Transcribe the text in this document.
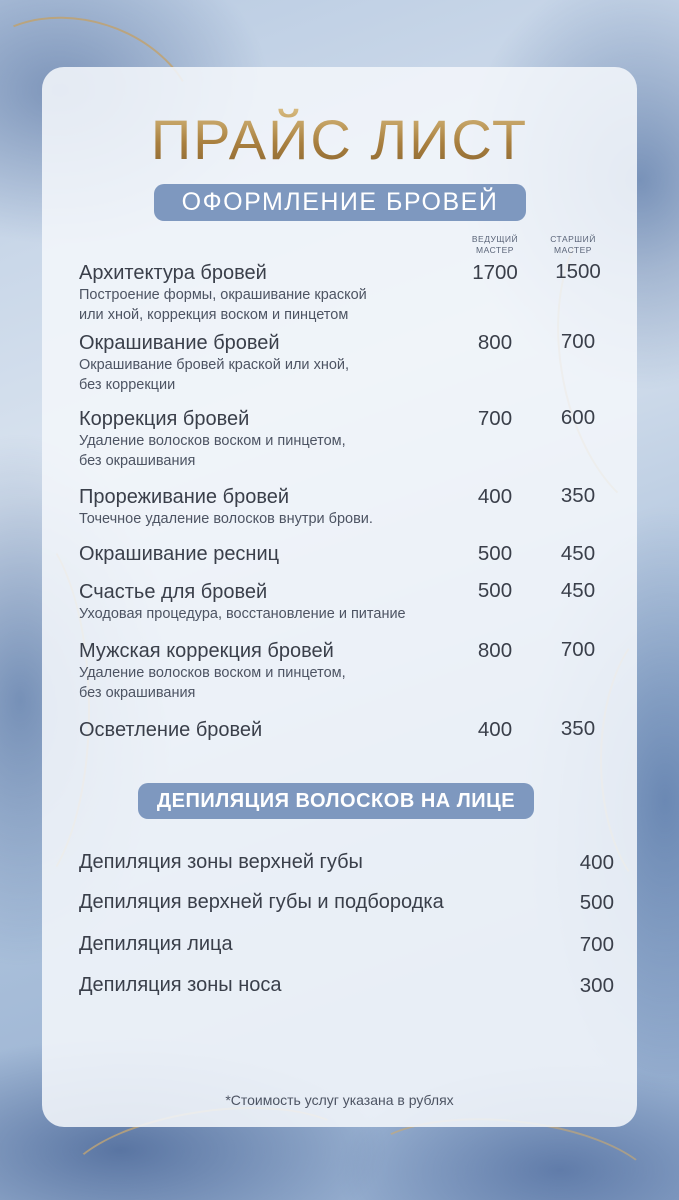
ПРАЙС ЛИСТ
ОФОРМЛЕНИЕ БРОВЕЙ
ВЕДУЩИЙ
МАСТЕР
СТАРШИЙ
МАСТЕР
Архитектура бровей
Построение формы, окрашивание краской
или хной, коррекция воском и пинцетом
1700	1500
Окрашивание бровей
Окрашивание бровей краской или хной,
без коррекции
800	700
Коррекция бровей
Удаление волосков воском и пинцетом,
без окрашивания
700	600
Прореживание бровей
Точечное удаление волосков внутри брови.
400	350
Окрашивание ресниц	500	450
Счастье для бровей
Уходовая процедура, восстановление и питание
500	450
Мужская коррекция бровей
Удаление волосков воском и пинцетом,
без окрашивания
800	700
Осветление бровей	400	350
ДЕПИЛЯЦИЯ ВОЛОСКОВ НА ЛИЦЕ
Депиляция зоны верхней губы	400
Депиляция верхней губы и подбородка	500
Депиляция лица	700
Депиляция зоны носа	300
*Стоимость услуг указана в рублях
